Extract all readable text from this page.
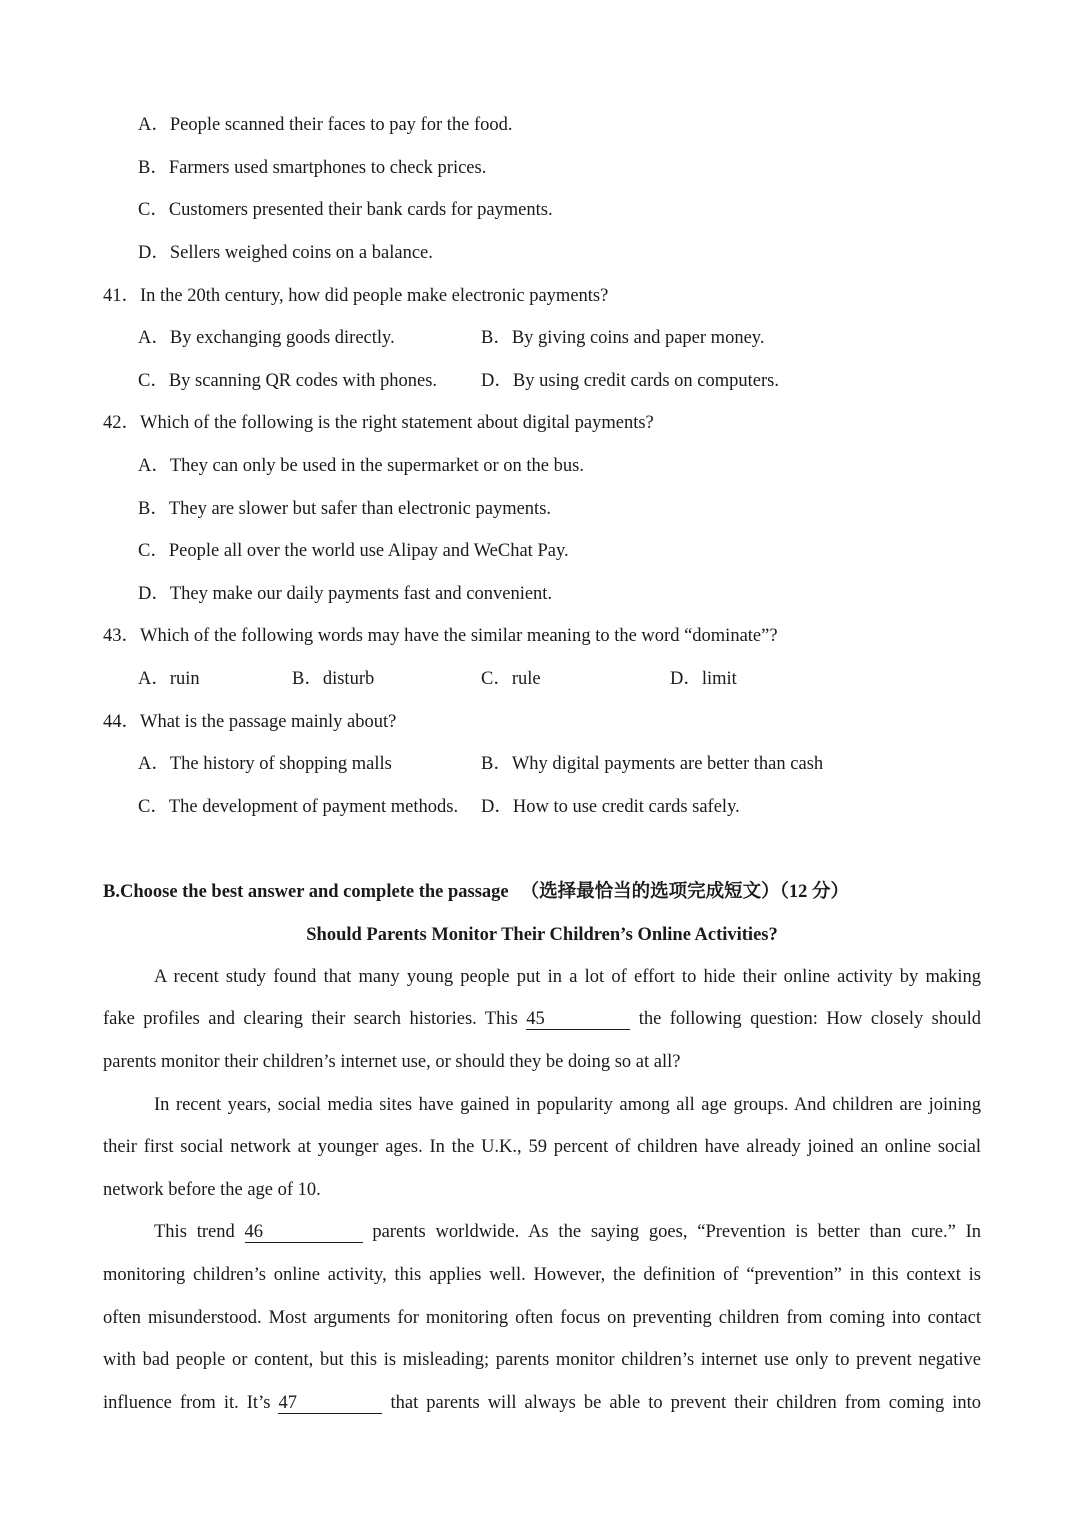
A．People scanned their faces to pay for the food.
B．Farmers used smartphones to check prices.
C．Customers presented their bank cards for payments.
D．Sellers weighed coins on a balance.
41．In the 20th century, how did people make electronic payments?
A．By exchanging goods directly.	B．By giving coins and paper money.
C．By scanning QR codes with phones. D．By using credit cards on computers.
42．Which of the following is the right statement about digital payments?
A．They can only be used in the supermarket or on the bus.
B．They are slower but safer than electronic payments.
C．People all over the world use Alipay and WeChat Pay.
D．They make our daily payments fast and convenient.
43．Which of the following words may have the similar meaning to the word “dominate”?
A．ruin	B．disturb	C．rule	D．limit
44．What is the passage mainly about?
A．The history of shopping malls	B．Why digital payments are better than cash
C．The development of payment methods. D．How to use credit cards safely.
B.Choose the best answer and complete the passage （选择最恰当的选项完成短文）（12 分）
Should Parents Monitor Their Children’s Online Activities?
A recent study found that many young people put in a lot of effort to hide their online activity by making
fake profiles and clearing their search histories. This 45	the following question: How closely should
parents monitor their children’s internet use, or should they be doing so at all?
In recent years, social media sites have gained in popularity among all age groups. And children are joining
their first social network at younger ages. In the U.K., 59 percent of children have already joined an online social
network before the age of 10.
This trend 46	parents worldwide. As the saying goes, “Prevention is better than cure.” In
monitoring children’s online activity, this applies well. However, the definition of “prevention” in this context is
often misunderstood. Most arguments for monitoring often focus on preventing children from coming into contact
with bad people or content, but this is misleading; parents monitor children’s internet use only to prevent negative
influence from it. It’s 47	that parents will always be able to prevent their children from coming into
